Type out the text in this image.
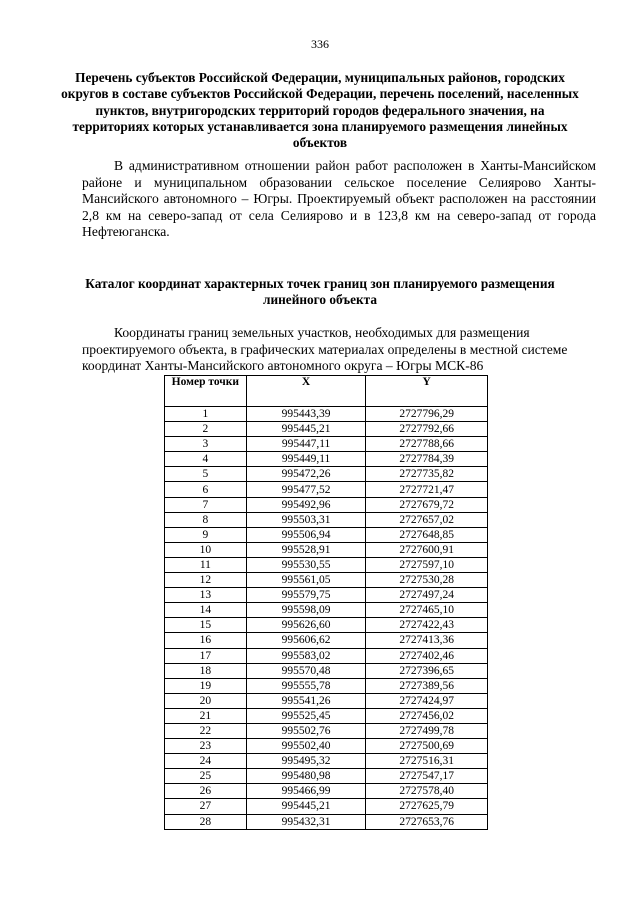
336
Перечень субъектов Российской Федерации, муниципальных районов, городских округов в составе субъектов Российской Федерации, перечень поселений, населенных пунктов, внутригородских территорий городов федерального значения, на территориях которых устанавливается зона планируемого размещения линейных объектов
В административном отношении район работ расположен в Ханты-Мансийском районе и муниципальном образовании сельское поселение Селиярово Ханты-Мансийского автономного – Югры. Проектируемый объект расположен на расстоянии 2,8 км на северо-запад от села Селиярово и в 123,8 км на северо-запад от города Нефтеюганска.
Каталог координат характерных точек границ зон планируемого размещения линейного объекта
Координаты границ земельных участков, необходимых для размещения проектируемого объекта, в графических материалах определены в местной системе координат Ханты-Мансийского автономного округа – Югры МСК-86
Номер точки	X	Y
1	995443,39	2727796,29
2	995445,21	2727792,66
3	995447,11	2727788,66
4	995449,11	2727784,39
5	995472,26	2727735,82
6	995477,52	2727721,47
7	995492,96	2727679,72
8	995503,31	2727657,02
9	995506,94	2727648,85
10	995528,91	2727600,91
11	995530,55	2727597,10
12	995561,05	2727530,28
13	995579,75	2727497,24
14	995598,09	2727465,10
15	995626,60	2727422,43
16	995606,62	2727413,36
17	995583,02	2727402,46
18	995570,48	2727396,65
19	995555,78	2727389,56
20	995541,26	2727424,97
21	995525,45	2727456,02
22	995502,76	2727499,78
23	995502,40	2727500,69
24	995495,32	2727516,31
25	995480,98	2727547,17
26	995466,99	2727578,40
27	995445,21	2727625,79
28	995432,31	2727653,76
